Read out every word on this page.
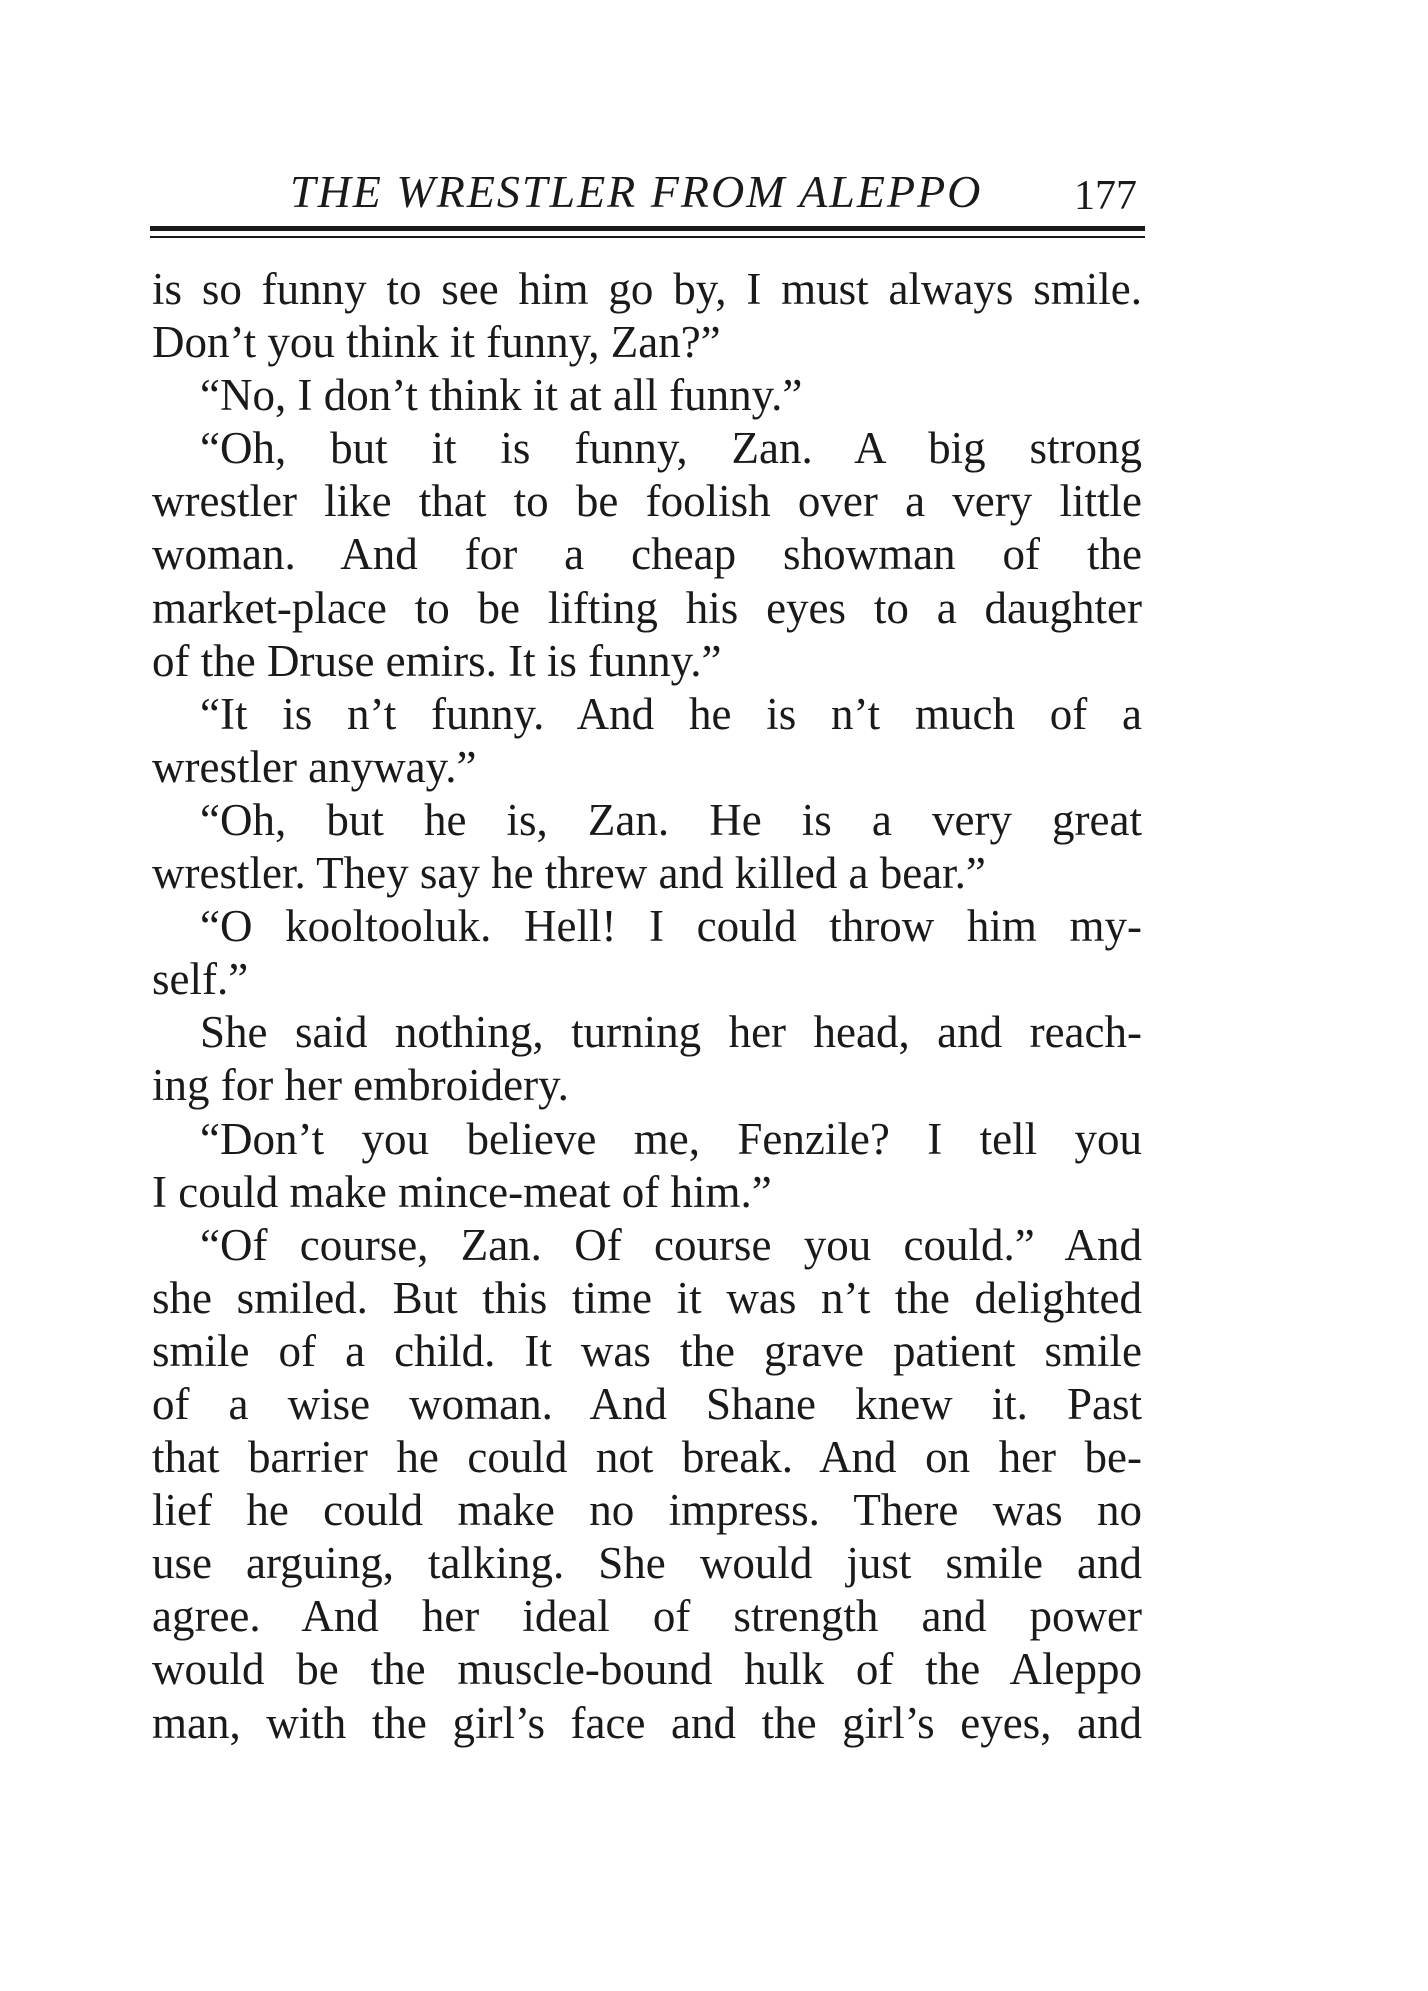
THE WRESTLER FROM ALEPPO 177
is so funny to see him go by, I must always smile.
Don’t you think it funny, Zan?”
“No, I don’t think it at all funny.”
“Oh, but it is funny, Zan. A big strong
wrestler like that to be foolish over a very little
woman. And for a cheap showman of the
market-place to be lifting his eyes to a daughter
of the Druse emirs. It is funny.”
“It is n’t funny. And he is n’t much of a
wrestler anyway.”
“Oh, but he is, Zan. He is a very great
wrestler. They say he threw and killed a bear.”
“O kooltooluk. Hell! I could throw him my-
self.”
She said nothing, turning her head, and reach-
ing for her embroidery.
“Don’t you believe me, Fenzile? I tell you
I could make mince-meat of him.”
“Of course, Zan. Of course you could.” And
she smiled. But this time it was n’t the delighted
smile of a child. It was the grave patient smile
of a wise woman. And Shane knew it. Past
that barrier he could not break. And on her be-
lief he could make no impress. There was no
use arguing, talking. She would just smile and
agree. And her ideal of strength and power
would be the muscle-bound hulk of the Aleppo
man, with the girl’s face and the girl’s eyes, and
